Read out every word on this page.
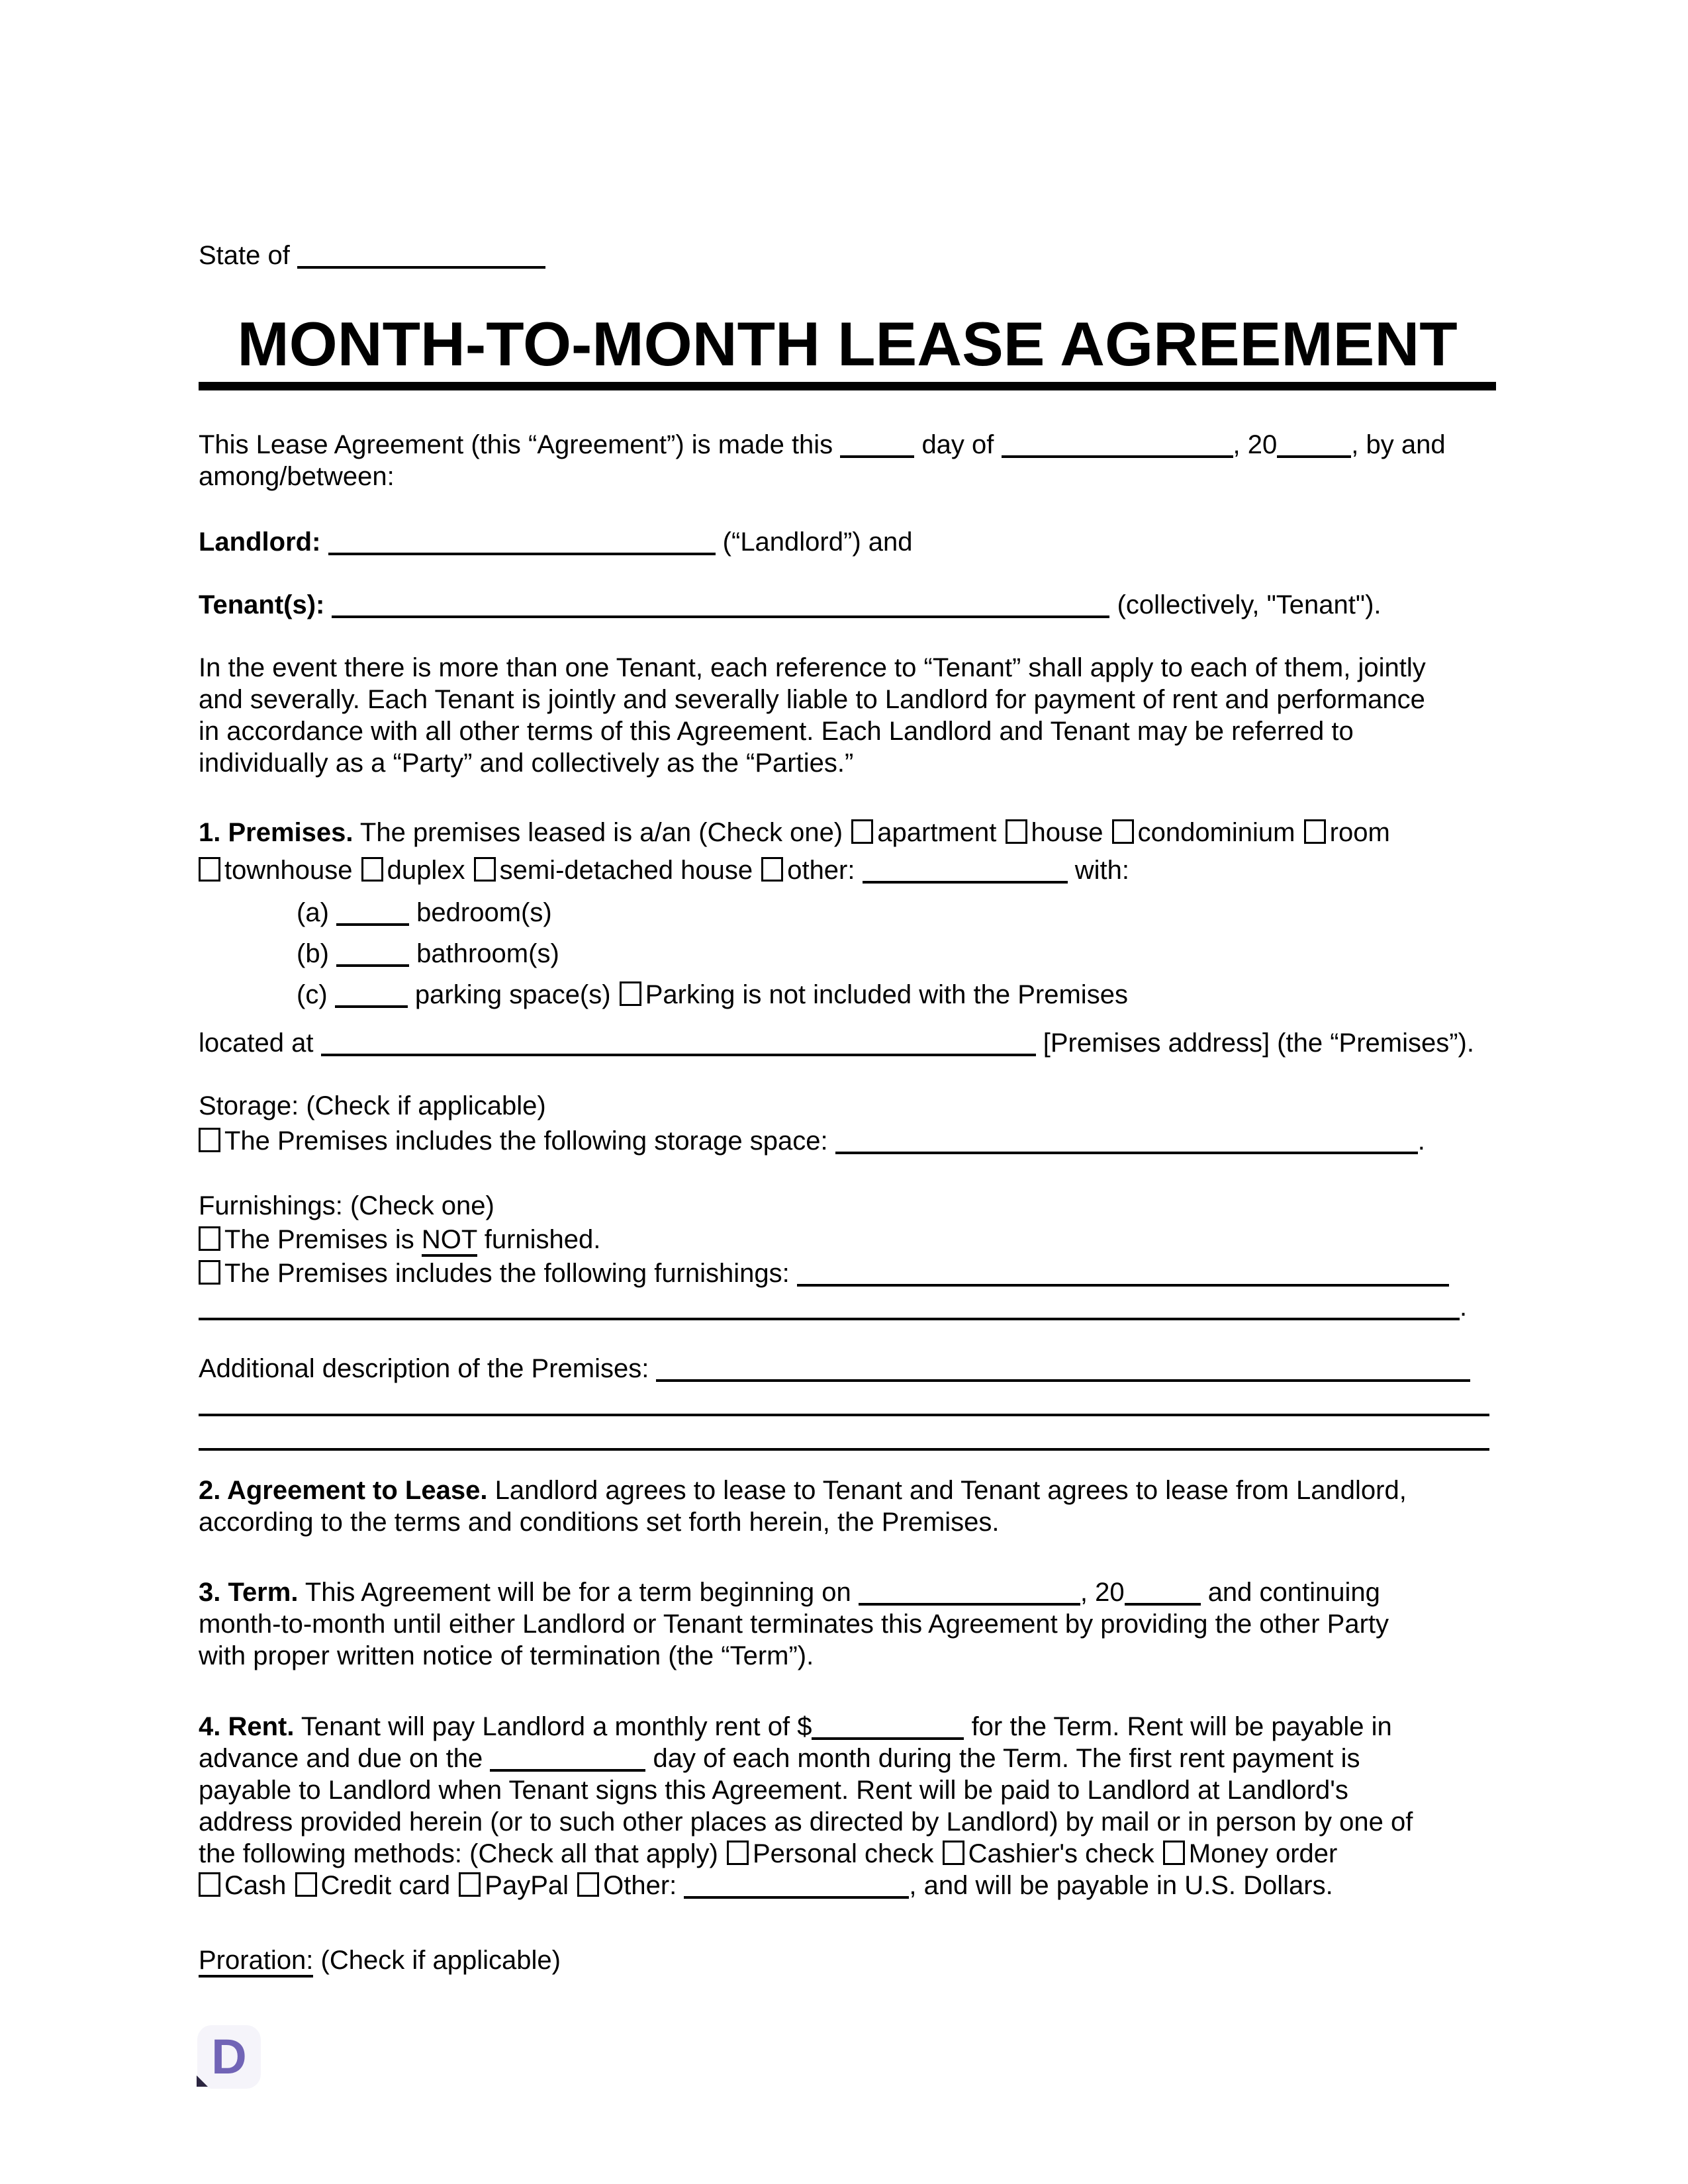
State of
MONTH-TO-MONTH LEASE AGREEMENT
This Lease Agreement (this “Agreement”) is made this	day of	, 20	, by and
among/between:
Landlord:	(“Landlord”) and
Tenant(s):	(collectively, "Tenant").
In the event there is more than one Tenant, each reference to “Tenant” shall apply to each of them, jointly
and severally. Each Tenant is jointly and severally liable to Landlord for payment of rent and performance
in accordance with all other terms of this Agreement. Each Landlord and Tenant may be referred to
individually as a “Party” and collectively as the “Parties.”
1. Premises. The premises leased is a/an (Check one) apartment house condominium room
townhouse duplex semi-detached house other:	with:
(a)	bedroom(s)
(b)	bathroom(s)
(c)	parking space(s) Parking is not included with the Premises
located at	[Premises address] (the “Premises”).
Storage: (Check if applicable)
The Premises includes the following storage space:	.
Furnishings: (Check one)
The Premises is NOT furnished.
The Premises includes the following furnishings:
.
Additional description of the Premises:
2. Agreement to Lease. Landlord agrees to lease to Tenant and Tenant agrees to lease from Landlord,
according to the terms and conditions set forth herein, the Premises.
3. Term. This Agreement will be for a term beginning on	, 20	and continuing
month-to-month until either Landlord or Tenant terminates this Agreement by providing the other Party
with proper written notice of termination (the “Term”).
4. Rent. Tenant will pay Landlord a monthly rent of $	for the Term. Rent will be payable in
advance and due on the	day of each month during the Term. The first rent payment is
payable to Landlord when Tenant signs this Agreement. Rent will be paid to Landlord at Landlord's
address provided herein (or to such other places as directed by Landlord) by mail or in person by one of
the following methods: (Check all that apply) Personal check Cashier's check Money order
Cash Credit card PayPal Other:	, and will be payable in U.S. Dollars.
Proration: (Check if applicable)
D
